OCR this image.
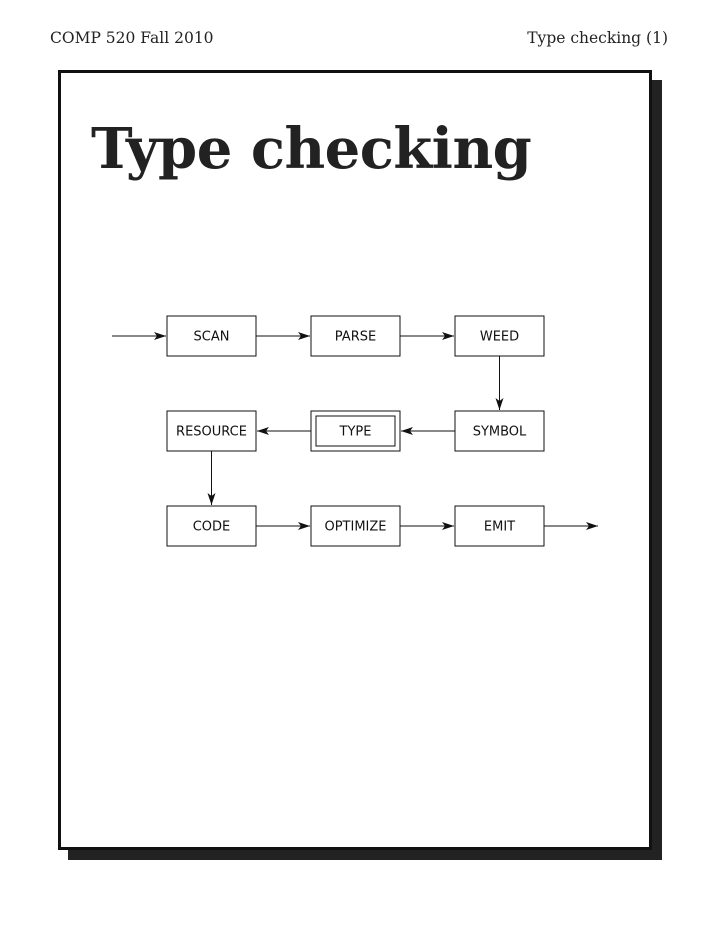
COMP 520 Fall 2010	Type checking (1)
Type checking
SCAN	PARSE	WEED
SYMBOL
TYPE
RESOURCE
CODE	OPTIMIZE	EMIT
